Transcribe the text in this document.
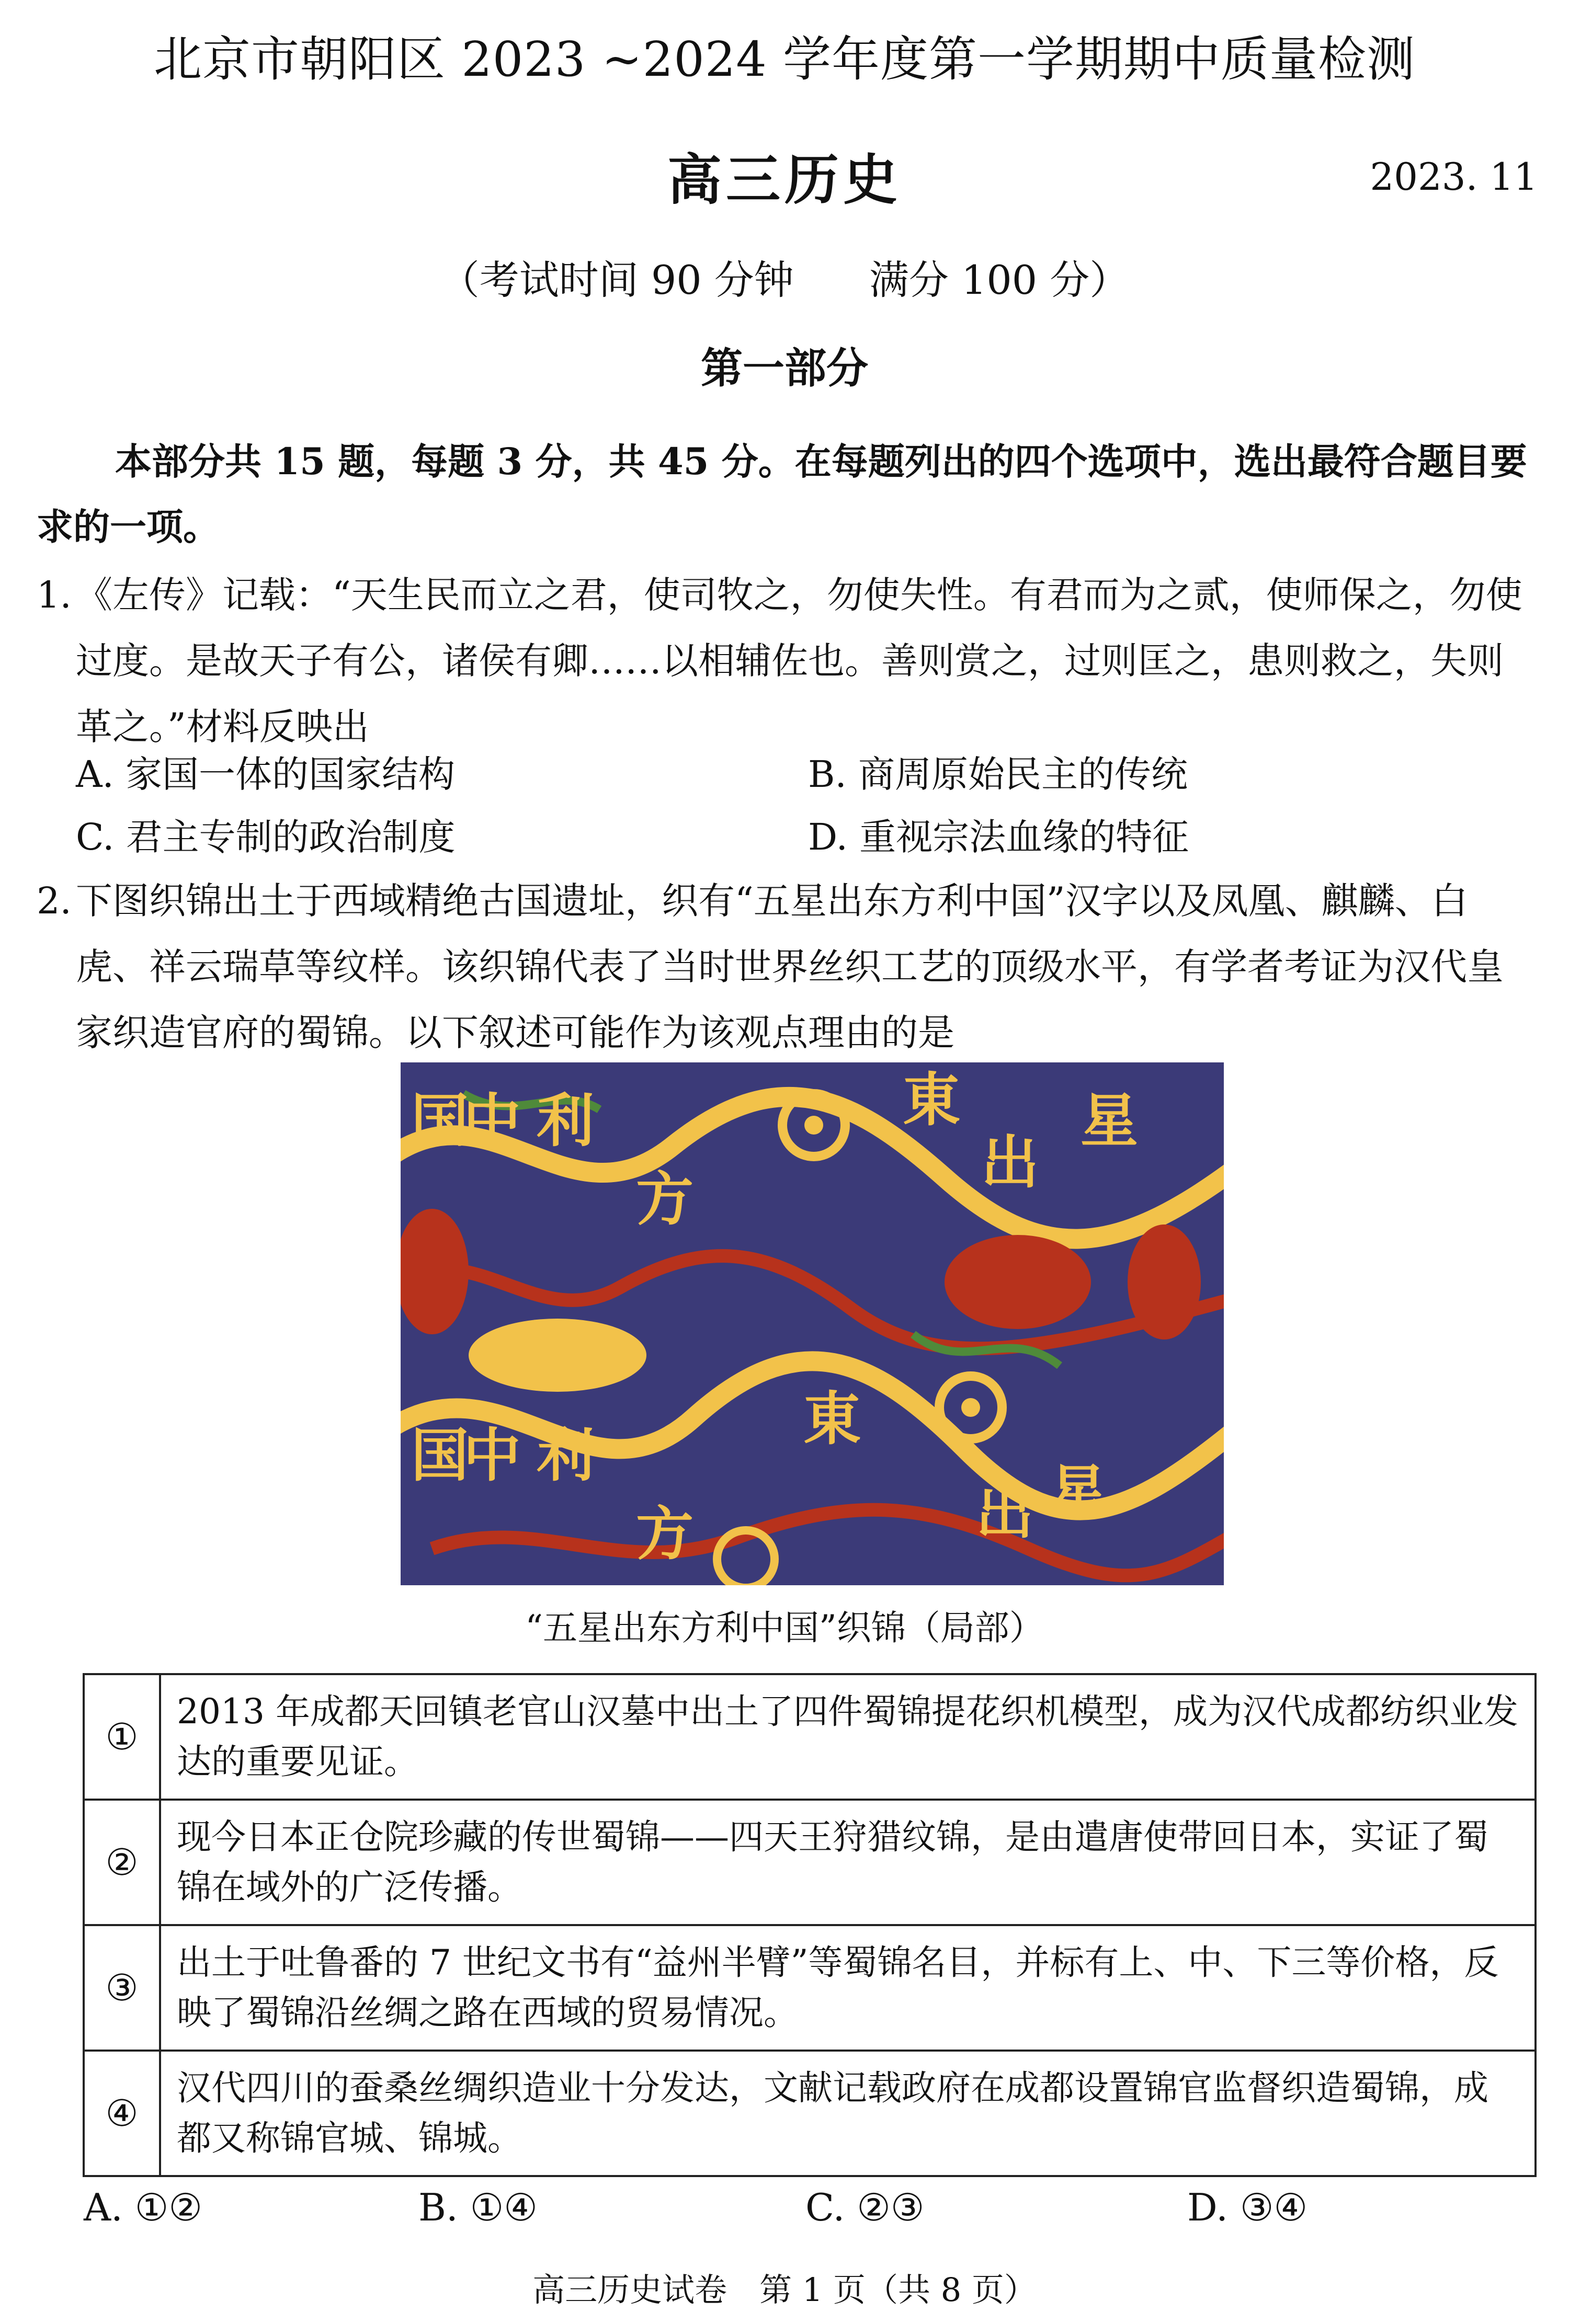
北京市朝阳区 2023 ~2024 学年度第一学期期中质量检测
高三历史	2023. 11
（考试时间 90 分钟 满分 100 分）
第一部分
本部分共 15 题，每题 3 分，共 45 分。在每题列出的四个选项中，选出最符合题目要求的一项。
1. 《左传》记载：“天生民而立之君，使司牧之，勿使失性。有君而为之贰，使师保之，勿使过度。是故天子有公，诸侯有卿……以相辅佐也。善则赏之，过则匡之，患则救之，失则革之。”材料反映出
A. 家国一体的国家结构	B. 商周原始民主的传统
C. 君主专制的政治制度	D. 重视宗法血缘的特征
2. 下图织锦出土于西域精绝古国遗址，织有“五星出东方利中国”汉字以及凤凰、麒麟、白虎、祥云瑞草等纹样。该织锦代表了当时世界丝织工艺的顶级水平，有学者考证为汉代皇家织造官府的蜀锦。以下叙述可能作为该观点理由的是
国
中 利
方
東
出
星
国
中 利
方
東
出 星
“五星出东方利中国”织锦（局部）
①	2013 年成都天回镇老官山汉墓中出土了四件蜀锦提花织机模型，成为汉代成都纺织业发达的重要见证。
②	现今日本正仓院珍藏的传世蜀锦——四天王狩猎纹锦，是由遣唐使带回日本，实证了蜀锦在域外的广泛传播。
③	出土于吐鲁番的 7 世纪文书有“益州半臂”等蜀锦名目，并标有上、中、下三等价格，反映了蜀锦沿丝绸之路在西域的贸易情况。
④	汉代四川的蚕桑丝绸织造业十分发达，文献记载政府在成都设置锦官监督织造蜀锦，成都又称锦官城、锦城。
A. ①②	B. ①④	C. ②③	D. ③④
高三历史试卷　第 1 页（共 8 页）
